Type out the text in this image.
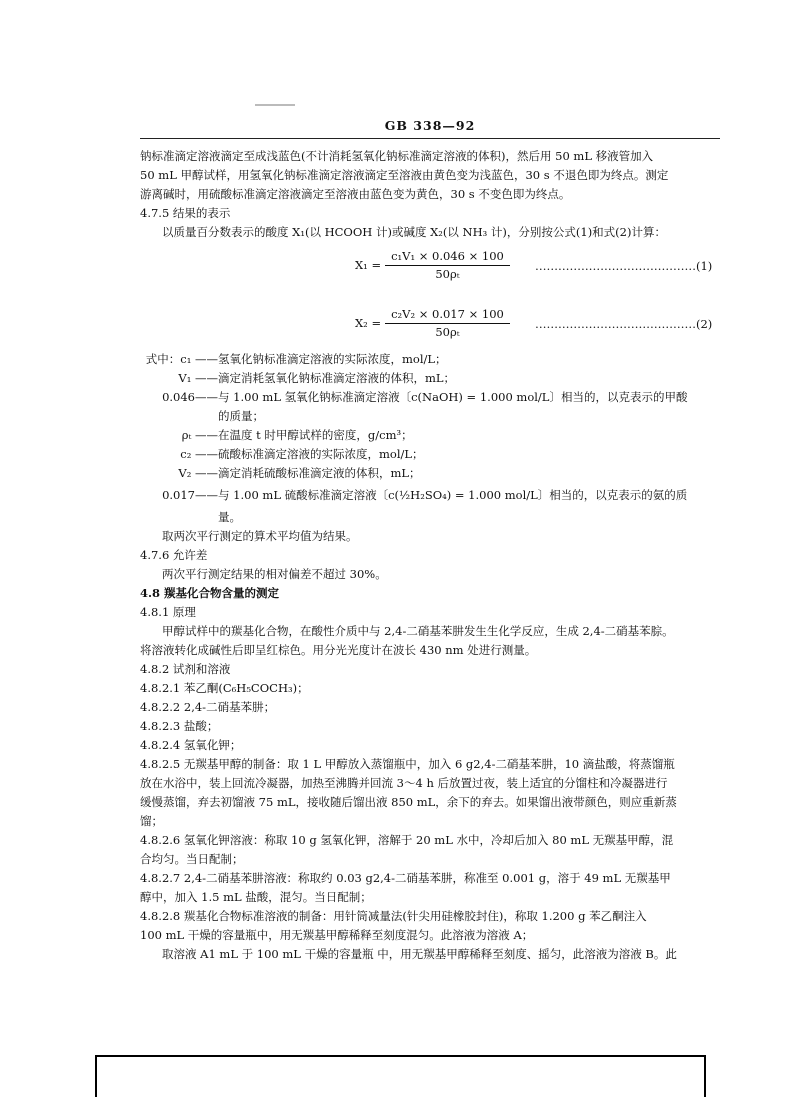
GB 338—92

钠标准滴定溶液滴定至成浅蓝色(不计消耗氢氧化钠标准滴定溶液的体积)，然后用 50 mL 移液管加入

50 mL 甲醇试样，用氢氧化钠标准滴定溶液滴定至溶液由黄色变为浅蓝色，30 s 不退色即为终点。测定

游离碱时，用硫酸标准滴定溶液滴定至溶液由蓝色变为黄色，30 s 不变色即为终点。

4.7.5 结果的表示

以质量百分数表示的酸度 X₁(以 HCOOH 计)或碱度 X₂(以 NH₃ 计)，分别按公式(1)和式(2)计算：

$X_1 = \frac{\text{c₁V₁ × 0.046 × 100}}{\text{50ρₜ}}$ ……………………………………(1)
$X_2 = \frac{\text{c₂V₂ × 0.017 × 100}}{\text{50ρₜ}}$ ……………………………………(2)
式中：c₁ —— 氢氧化钠标准滴定溶液的实际浓度，mol/L；
V₁ —— 滴定消耗氢氧化钠标准滴定溶液的体积，mL；
0.046—— 与 1.00 mL 氢氧化钠标准滴定溶液〔c(NaOH) = 1.000 mol/L〕相当的，以克表示的甲酸
的质量；
ρₜ —— 在温度 t 时甲醇试样的密度，g/cm³；
c₂ —— 硫酸标准滴定溶液的实际浓度，mol/L；
V₂ —— 滴定消耗硫酸标准滴定液的体积，mL；
0.017—— 与 1.00 mL 硫酸标准滴定溶液〔c(½H₂SO₄) = 1.000 mol/L〕相当的，以克表示的氨的质
量。

取两次平行测定的算术平均值为结果。

4.7.6 允许差

两次平行测定结果的相对偏差不超过 30%。

4.8 羰基化合物含量的测定

4.8.1 原理

甲醇试样中的羰基化合物，在酸性介质中与 2,4-二硝基苯肼发生生化学反应，生成 2,4-二硝基苯腙。

将溶液转化成碱性后即呈红棕色。用分光光度计在波长 430 nm 处进行测量。

4.8.2 试剂和溶液

4.8.2.1 苯乙酮(C₆H₅COCH₃)；

4.8.2.2 2,4-二硝基苯肼；

4.8.2.3 盐酸；

4.8.2.4 氢氧化钾；

4.8.2.5 无羰基甲醇的制备：取 1 L 甲醇放入蒸馏瓶中，加入 6 g2,4-二硝基苯肼，10 滴盐酸，将蒸馏瓶

放在水浴中，装上回流冷凝器，加热至沸腾并回流 3～4 h 后放置过夜，装上适宜的分馏柱和冷凝器进行

缓慢蒸馏，弃去初馏液 75 mL，接收随后馏出液 850 mL，余下的弃去。如果馏出液带颜色，则应重新蒸

馏；

4.8.2.6 氢氧化钾溶液：称取 10 g 氢氧化钾，溶解于 20 mL 水中，冷却后加入 80 mL 无羰基甲醇，混

合均匀。当日配制；

4.8.2.7 2,4-二硝基苯肼溶液：称取约 0.03 g2,4-二硝基苯肼，称准至 0.001 g，溶于 49 mL 无羰基甲

醇中，加入 1.5 mL 盐酸，混匀。当日配制；

4.8.2.8 羰基化合物标准溶液的制备：用针筒减量法(针尖用硅橡胶封住)，称取 1.200 g 苯乙酮注入

100 mL 干燥的容量瓶中，用无羰基甲醇稀释至刻度混匀。此溶液为溶液 A；

取溶液 A1 mL 于 100 mL 干燥的容量瓶 中，用无羰基甲醇稀释至刻度、摇匀，此溶液为溶液 B。此
